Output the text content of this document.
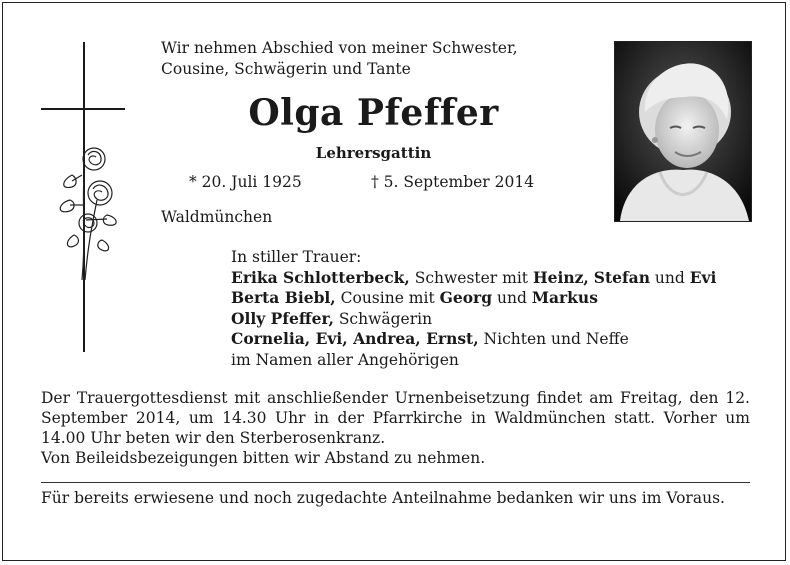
Wir nehmen Abschied von meiner Schwester,
Cousine, Schwägerin und Tante
Olga Pfeffer
Lehrersgattin
* 20. Juli 1925	† 5. September 2014
Waldmünchen
In stiller Trauer:
Erika Schlotterbeck, Schwester mit Heinz, Stefan und Evi
Berta Biebl, Cousine mit Georg und Markus
Olly Pfeffer, Schwägerin
Cornelia, Evi, Andrea, Ernst, Nichten und Neffe
im Namen aller Angehörigen
Der Trauergottesdienst mit anschließender Urnenbeisetzung findet am Freitag, den 12. September 2014, um 14.30 Uhr in der Pfarrkirche in Waldmünchen statt. Vorher um 14.00 Uhr beten wir den Sterberosenkranz.
Von Beileidsbezeigungen bitten wir Abstand zu nehmen.
Für bereits erwiesene und noch zugedachte Anteilnahme bedanken wir uns im Voraus.
